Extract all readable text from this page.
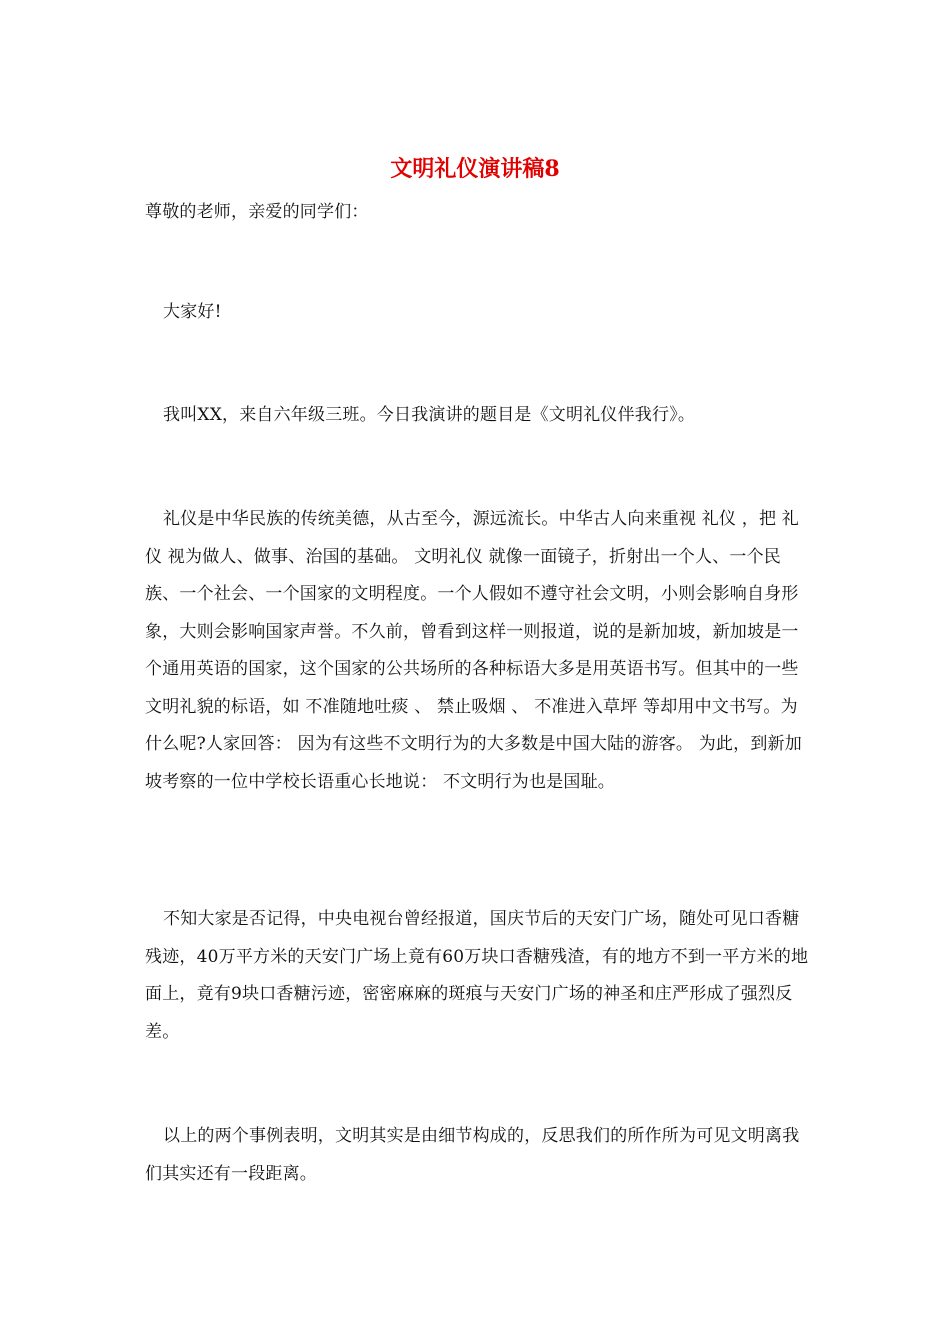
文明礼仪演讲稿8

尊敬的老师，亲爱的同学们：

大家好!

我叫XX，来自六年级三班。今日我演讲的题目是《文明礼仪伴我行》。

礼仪是中华民族的传统美德，从古至今，源远流长。中华古人向来重视 礼仪 ，把 礼仪 视为做人、做事、治国的基础。 文明礼仪 就像一面镜子，折射出一个人、一个民族、一个社会、一个国家的文明程度。一个人假如不遵守社会文明，小则会影响自身形象，大则会影响国家声誉。不久前，曾看到这样一则报道，说的是新加坡，新加坡是一个通用英语的国家，这个国家的公共场所的各种标语大多是用英语书写。但其中的一些文明礼貌的标语，如 不准随地吐痰 、 禁止吸烟 、 不准进入草坪 等却用中文书写。为什么呢?人家回答： 因为有这些不文明行为的大多数是中国大陆的游客。 为此，到新加坡考察的一位中学校长语重心长地说： 不文明行为也是国耻。

不知大家是否记得，中央电视台曾经报道，国庆节后的天安门广场，随处可见口香糖残迹，40万平方米的天安门广场上竟有60万块口香糖残渣，有的地方不到一平方米的地面上，竟有9块口香糖污迹，密密麻麻的斑痕与天安门广场的神圣和庄严形成了强烈反差。

以上的两个事例表明，文明其实是由细节构成的，反思我们的所作所为可见文明离我们其实还有一段距离。
